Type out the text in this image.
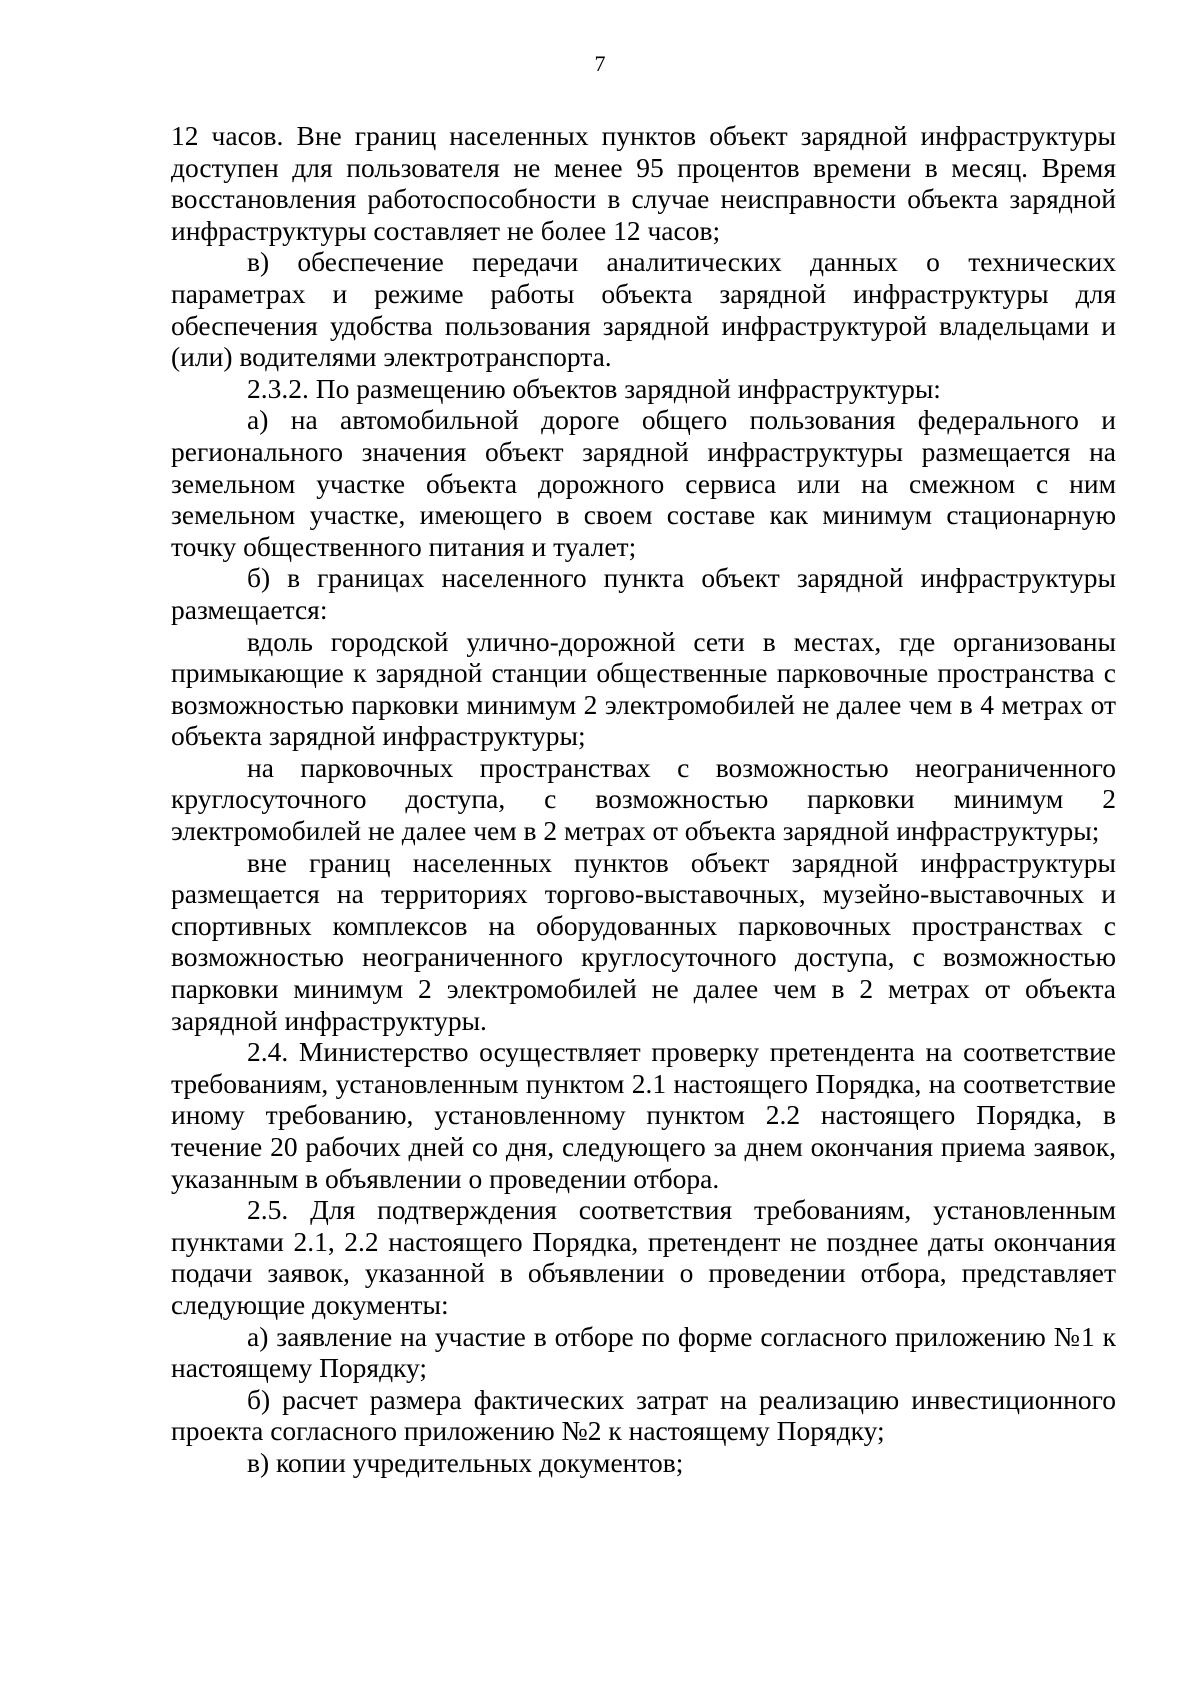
7

12 часов. Вне границ населенных пунктов объект зарядной инфраструктуры доступен для пользователя не менее 95 процентов времени в месяц. Время восстановления работоспособности в случае неисправности объекта зарядной инфраструктуры составляет не более 12 часов;

в) обеспечение передачи аналитических данных о технических параметрах и режиме работы объекта зарядной инфраструктуры для обеспечения удобства пользования зарядной инфраструктурой владельцами и (или) водителями электротранспорта.

2.3.2. По размещению объектов зарядной инфраструктуры:

а) на автомобильной дороге общего пользования федерального и регионального значения объект зарядной инфраструктуры размещается на земельном участке объекта дорожного сервиса или на смежном с ним земельном участке, имеющего в своем составе как минимум стационарную точку общественного питания и туалет;

б) в границах населенного пункта объект зарядной инфраструктуры размещается:

вдоль городской улично-дорожной сети в местах, где организованы примыкающие к зарядной станции общественные парковочные пространства с возможностью парковки минимум 2 электромобилей не далее чем в 4 метрах от объекта зарядной инфраструктуры;

на парковочных пространствах с возможностью неограниченного круглосуточного доступа, с возможностью парковки минимум 2 электромобилей не далее чем в 2 метрах от объекта зарядной инфраструктуры;

вне границ населенных пунктов объект зарядной инфраструктуры размещается на территориях торгово-выставочных, музейно-выставочных и спортивных комплексов на оборудованных парковочных пространствах с возможностью неограниченного круглосуточного доступа, с возможностью парковки минимум 2 электромобилей не далее чем в 2 метрах от объекта зарядной инфраструктуры.

2.4. Министерство осуществляет проверку претендента на соответствие требованиям, установленным пунктом 2.1 настоящего Порядка, на соответствие иному требованию, установленному пунктом 2.2 настоящего Порядка, в течение 20 рабочих дней со дня, следующего за днем окончания приема заявок, указанным в объявлении о проведении отбора.

2.5. Для подтверждения соответствия требованиям, установленным пунктами 2.1, 2.2 настоящего Порядка, претендент не позднее даты окончания подачи заявок, указанной в объявлении о проведении отбора, представляет следующие документы:

а) заявление на участие в отборе по форме согласного приложению №1 к настоящему Порядку;

б) расчет размера фактических затрат на реализацию инвестиционного проекта согласного приложению №2 к настоящему Порядку;

в) копии учредительных документов;
